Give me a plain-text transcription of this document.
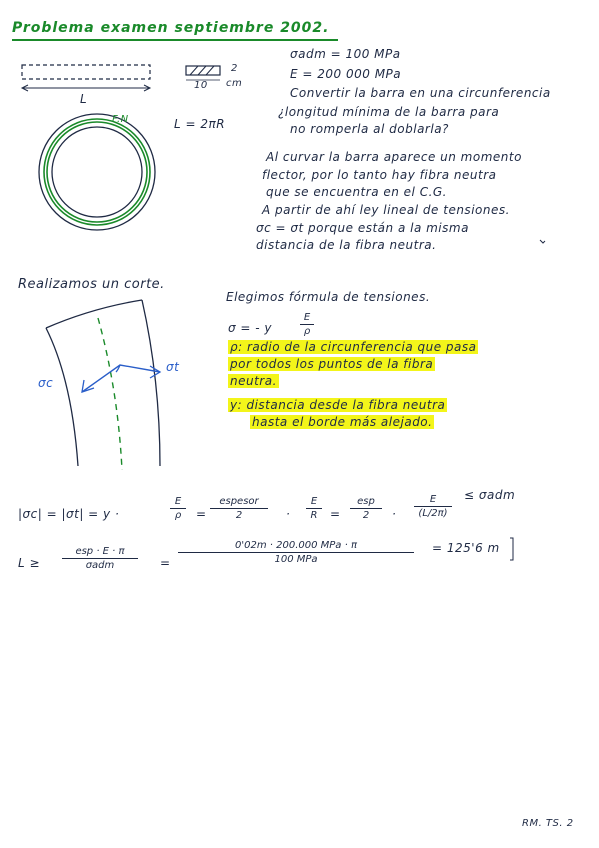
Problema examen septiembre 2002.
L
10
2
cm
F.N	L = 2πR
σadm = 100 MPa
E = 200 000 MPa
Convertir la barra en una circunferencia
¿longitud mínima de la barra para
no romperla al doblarla?
Al curvar la barra aparece un momento
flector, por lo tanto hay fibra neutra
que se encuentra en el C.G.
A partir de ahí ley lineal de tensiones.
σc = σt porque están a la misma
distancia de la fibra neutra.
Realizamos un corte.
Elegimos fórmula de tensiones.
σ = - y
E
ρ
ρ: radio de la circunferencia que pasa
por todos los puntos de la fibra
neutra.
y: distancia desde la fibra neutra
hasta el borde más alejado.
σc
σt
|σc| = |σt| = y ·
E
ρ	=
espesor
2	·
E
R	=
esp
2	·
E
(L/2π)
≤ σadm
L ≥
esp · E · π
σadm	=
0'02m · 200.000 MPa · π
100 MPa
= 125'6 m
RM. TS. 2
